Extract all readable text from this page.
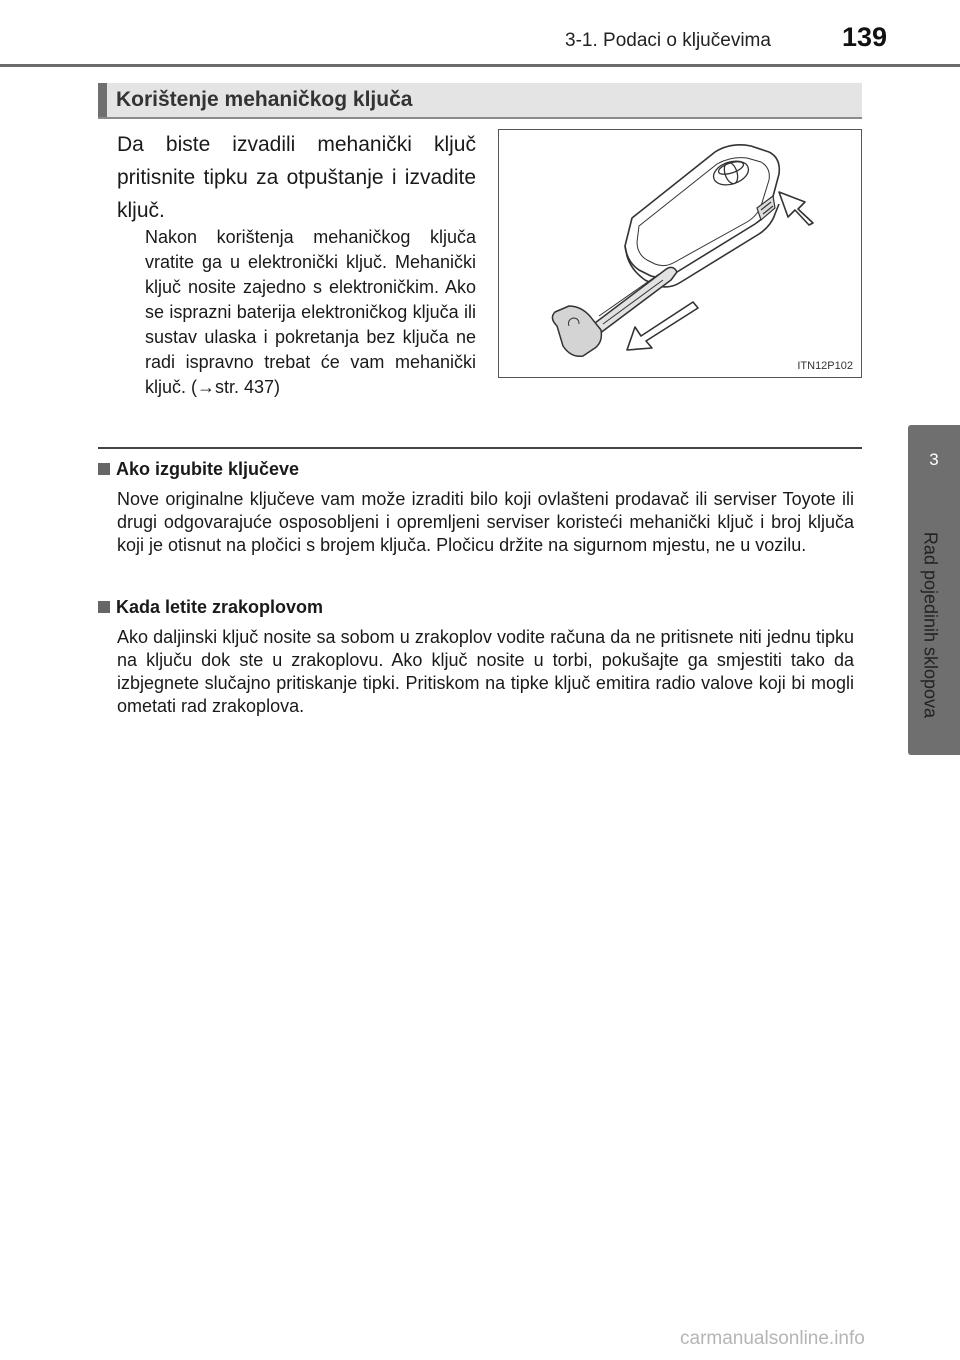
3-1. Podaci o ključevima	139
3
Rad pojedinih sklopova
Korištenje mehaničkog ključa
Da biste izvadili mehanički ključ pritisnite tipku za otpuštanje i izvadite ključ.
Nakon korištenja mehaničkog ključa vratite ga u elektronički ključ. Mehanički ključ nosite zajedno s elektroničkim. Ako se isprazni baterija elektroničkog ključa ili sustav ulaska i pokretanja bez ključa ne radi ispravno trebat će vam mehanički ključ. (→str. 437)
ITN12P102
Ako izgubite ključeve
Nove originalne ključeve vam može izraditi bilo koji ovlašteni prodavač ili serviser Toyote ili drugi odgovarajuće osposobljeni i opremljeni serviser koristeći mehanički ključ i broj ključa koji je otisnut na pločici s brojem ključa. Pločicu držite na sigurnom mjestu, ne u vozilu.
Kada letite zrakoplovom
Ako daljinski ključ nosite sa sobom u zrakoplov vodite računa da ne pritisnete niti jednu tipku na ključu dok ste u zrakoplovu. Ako ključ nosite u torbi, pokušajte ga smjestiti tako da izbjegnete slučajno pritiskanje tipki. Pritiskom na tipke ključ emitira radio valove koji bi mogli ometati rad zrakoplova.
carmanualsonline.info
